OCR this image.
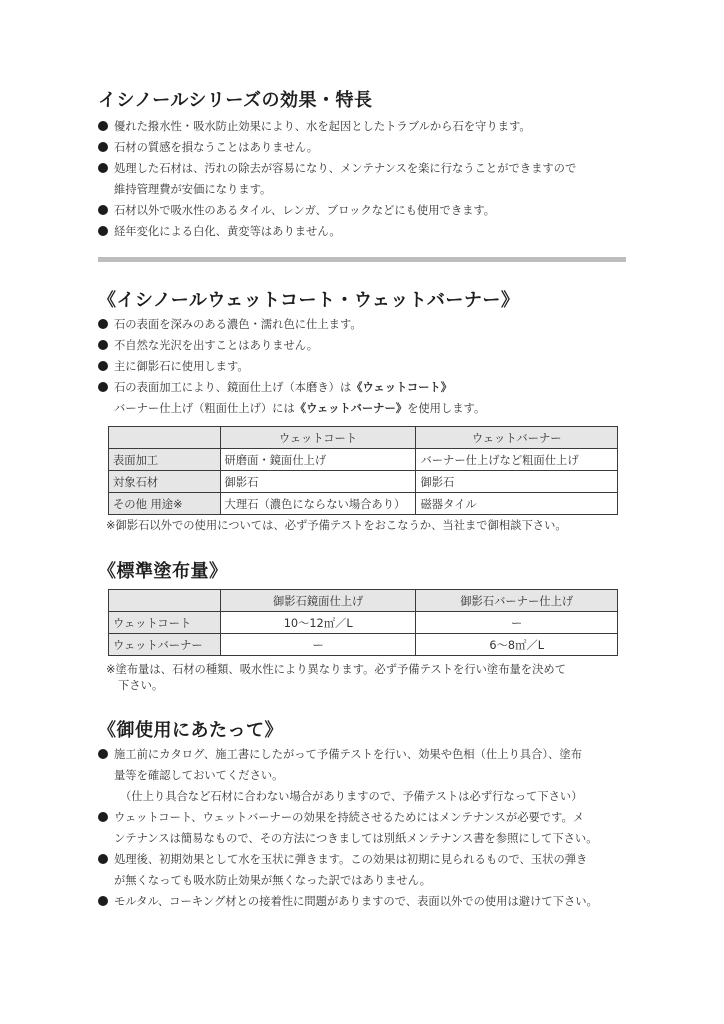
イシノールシリーズの効果・特長
優れた撥水性・吸水防止効果により、水を起因としたトラブルから石を守ります。
石材の質感を損なうことはありません。
処理した石材は、汚れの除去が容易になり、メンテナンスを楽に行なうことができますので
維持管理費が安価になります。
石材以外で吸水性のあるタイル、レンガ、ブロックなどにも使用できます。
経年変化による白化、黄変等はありません。
《イシノールウェットコート・ウェットバーナー》
石の表面を深みのある濃色・濡れ色に仕上ます。
不自然な光沢を出すことはありません。
主に御影石に使用します。
石の表面加工により、鏡面仕上げ（本磨き）は《ウェットコート》
バーナー仕上げ（粗面仕上げ）には《ウェットバーナー》を使用します。
	ウェットコート	ウェットバーナー
表面加工	研磨面・鏡面仕上げ	バーナー仕上げなど粗面仕上げ
対象石材	御影石	御影石
その他 用途※	大理石（濃色にならない場合あり）	磁器タイル
※御影石以外での使用については、必ず予備テストをおこなうか、当社まで御相談下さい。
《標準塗布量》
	御影石鏡面仕上げ	御影石バーナー仕上げ
ウェットコート	10〜12㎡／L	ー
ウェットバーナー	ー	6〜8㎡／L
※塗布量は、石材の種類、吸水性により異なります。必ず予備テストを行い塗布量を決めて
下さい。
《御使用にあたって》
施工前にカタログ、施工書にしたがって予備テストを行い、効果や色相（仕上り具合）、塗布
量等を確認しておいてください。
（仕上り具合など石材に合わない場合がありますので、予備テストは必ず行なって下さい）
ウェットコート、ウェットバーナーの効果を持続させるためにはメンテナンスが必要です。メ
ンテナンスは簡易なもので、その方法につきましては別紙メンテナンス書を参照にして下さい。
処理後、初期効果として水を玉状に弾きます。この効果は初期に見られるもので、玉状の弾き
が無くなっても吸水防止効果が無くなった訳ではありません。
モルタル、コーキング材との接着性に問題がありますので、表面以外での使用は避けて下さい。
